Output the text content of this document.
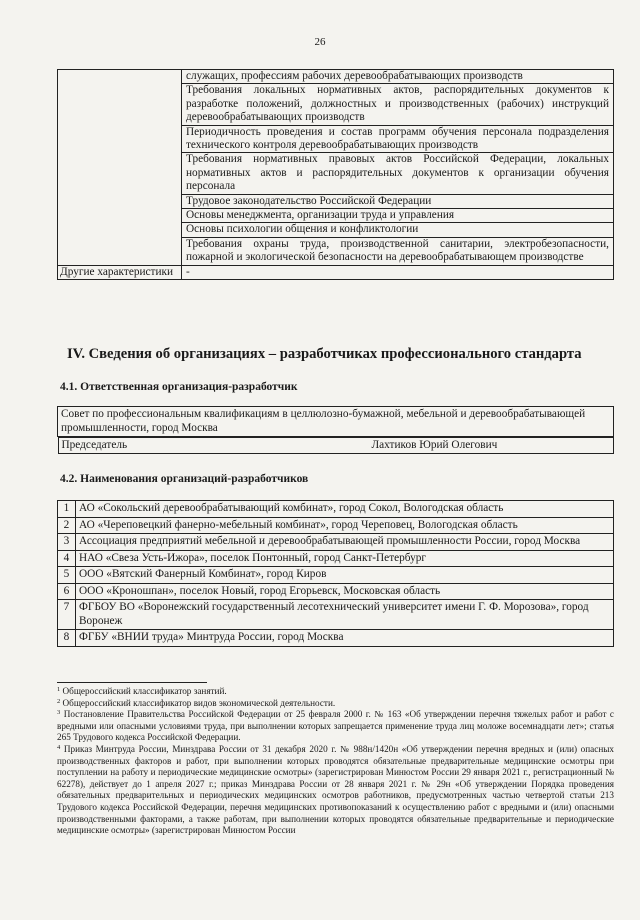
26
	служащих, профессиям рабочих деревообрабатывающих производств
	Требования локальных нормативных актов, распорядительных документов к разработке положений, должностных и производственных (рабочих) инструкций деревообрабатывающих производств
	Периодичность проведения и состав программ обучения персонала подразделения технического контроля деревообрабатывающих производств
	Требования нормативных правовых актов Российской Федерации, локальных нормативных актов и распорядительных документов к организации обучения персонала
	Трудовое законодательство Российской Федерации
	Основы менеджмента, организации труда и управления
	Основы психологии общения и конфликтологии
	Требования охраны труда, производственной санитарии, электробезопасности, пожарной и экологической безопасности на деревообрабатывающем производстве
Другие характеристики	-
IV. Сведения об организациях – разработчиках профессионального стандарта
4.1. Ответственная организация-разработчик
Совет по профессиональным квалификациям в целлюлозно-бумажной, мебельной и деревообрабатывающей промышленности, город Москва

Председатель	Лахтиков Юрий Олегович
4.2. Наименования организаций-разработчиков
1	АО «Сокольский деревообрабатывающий комбинат», город Сокол, Вологодская область
2	АО «Череповецкий фанерно-мебельный комбинат», город Череповец, Вологодская область
3	Ассоциация предприятий мебельной и деревообрабатывающей промышленности России, город Москва
4	НАО «Свеза Усть-Ижора», поселок Понтонный, город Санкт-Петербург
5	ООО «Вятский Фанерный Комбинат», город Киров
6	ООО «Кроношпан», поселок Новый, город Егорьевск, Московская область
7	ФГБОУ ВО «Воронежский государственный лесотехнический университет имени Г. Ф. Морозова», город Воронеж
8	ФГБУ «ВНИИ труда» Минтруда России, город Москва

$^1$ Общероссийский классификатор занятий.

$^2$ Общероссийский классификатор видов экономической деятельности.

$^3$ Постановление Правительства Российской Федерации от 25 февраля 2000 г. № 163 «Об утверждении перечня тяжелых работ и работ с вредными или опасными условиями труда, при выполнении которых запрещается применение труда лиц моложе восемнадцати лет»; статья 265 Трудового кодекса Российской Федерации.

$^4$ Приказ Минтруда России, Минздрава России от 31 декабря 2020 г. № 988н/1420н «Об утверждении перечня вредных и (или) опасных производственных факторов и работ, при выполнении которых проводятся обязательные предварительные медицинские осмотры при поступлении на работу и периодические медицинские осмотры» (зарегистрирован Минюстом России 29 января 2021 г., регистрационный № 62278), действует до 1 апреля 2027 г.; приказ Минздрава России от 28 января 2021 г. № 29н «Об утверждении Порядка проведения обязательных предварительных и периодических медицинских осмотров работников, предусмотренных частью четвертой статьи 213 Трудового кодекса Российской Федерации, перечня медицинских противопоказаний к осуществлению работ с вредными и (или) опасными производственными факторами, а также работам, при выполнении которых проводятся обязательные предварительные и периодические медицинские осмотры» (зарегистрирован Минюстом России
